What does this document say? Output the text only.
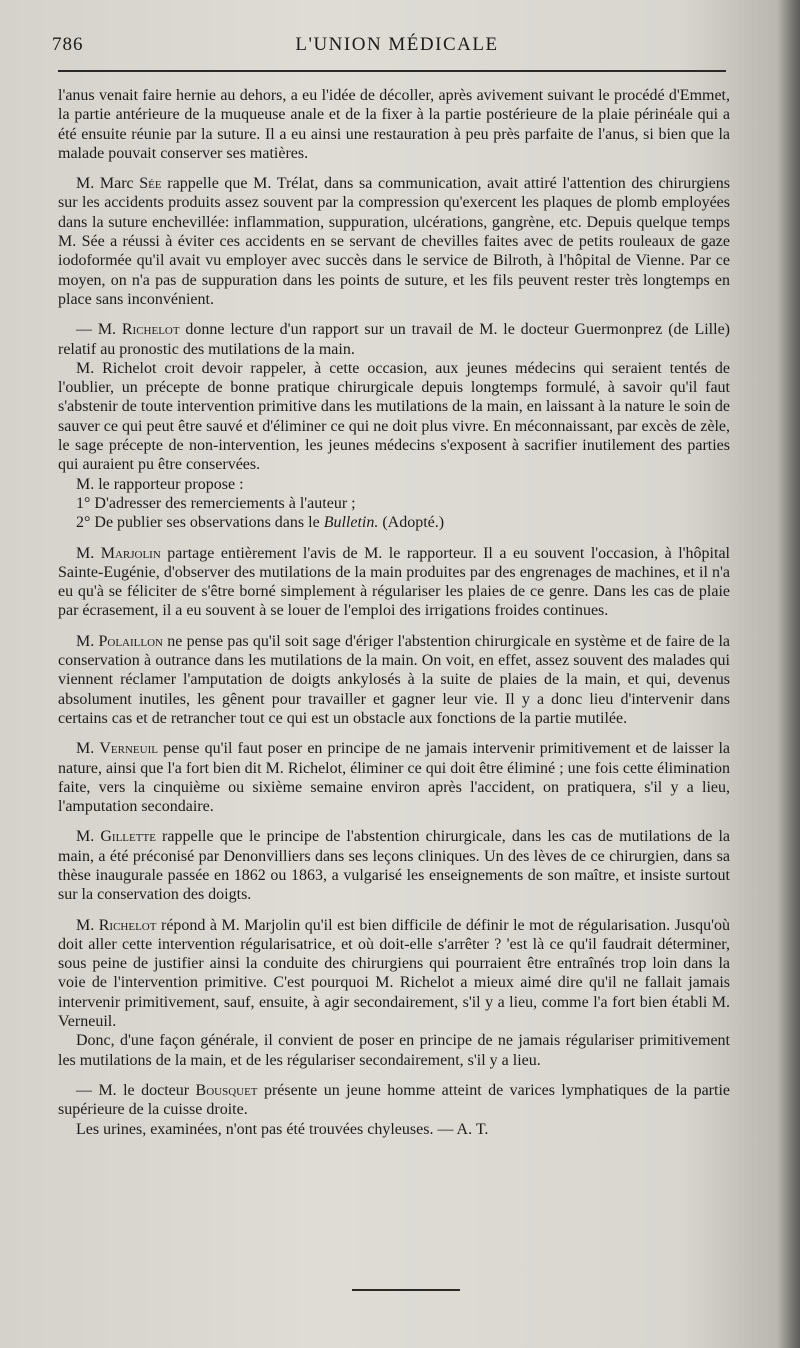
786	L'UNION MÉDICALE

l'anus venait faire hernie au dehors, a eu l'idée de décoller, après avivement suivant le procédé d'Emmet, la partie antérieure de la muqueuse anale et de la fixer à la partie postérieure de la plaie périnéale qui a été ensuite réunie par la suture. Il a eu ainsi une restauration à peu près parfaite de l'anus, si bien que la malade pouvait conserver ses matières.

M. Marc Sée rappelle que M. Trélat, dans sa communication, avait attiré l'attention des chirurgiens sur les accidents produits assez souvent par la compression qu'exercent les plaques de plomb employées dans la suture enchevillée: inflammation, suppuration, ulcérations, gangrène, etc. Depuis quelque temps M. Sée a réussi à éviter ces accidents en se servant de chevilles faites avec de petits rouleaux de gaze iodoformée qu'il avait vu employer avec succès dans le service de Bilroth, à l'hôpital de Vienne. Par ce moyen, on n'a pas de suppuration dans les points de suture, et les fils peuvent rester très longtemps en place sans inconvénient.

— M. Richelot donne lecture d'un rapport sur un travail de M. le docteur Guermonprez (de Lille) relatif au pronostic des mutilations de la main.

M. Richelot croit devoir rappeler, à cette occasion, aux jeunes médecins qui seraient tentés de l'oublier, un précepte de bonne pratique chirurgicale depuis longtemps formulé, à savoir qu'il faut s'abstenir de toute intervention primitive dans les mutilations de la main, en laissant à la nature le soin de sauver ce qui peut être sauvé et d'éliminer ce qui ne doit plus vivre. En méconnaissant, par excès de zèle, le sage précepte de non-intervention, les jeunes médecins s'exposent à sacrifier inutilement des parties qui auraient pu être conservées.

M. le rapporteur propose :

1° D'adresser des remerciements à l'auteur ;

2° De publier ses observations dans le Bulletin. (Adopté.)

M. Marjolin partage entièrement l'avis de M. le rapporteur. Il a eu souvent l'occasion, à l'hôpital Sainte-Eugénie, d'observer des mutilations de la main produites par des engrenages de machines, et il n'a eu qu'à se féliciter de s'être borné simplement à régulariser les plaies de ce genre. Dans les cas de plaie par écrasement, il a eu souvent à se louer de l'emploi des irrigations froides continues.

M. Polaillon ne pense pas qu'il soit sage d'ériger l'abstention chirurgicale en système et de faire de la conservation à outrance dans les mutilations de la main. On voit, en effet, assez souvent des malades qui viennent réclamer l'amputation de doigts ankylosés à la suite de plaies de la main, et qui, devenus absolument inutiles, les gênent pour travailler et gagner leur vie. Il y a donc lieu d'intervenir dans certains cas et de retrancher tout ce qui est un obstacle aux fonctions de la partie mutilée.

M. Verneuil pense qu'il faut poser en principe de ne jamais intervenir primitivement et de laisser la nature, ainsi que l'a fort bien dit M. Richelot, éliminer ce qui doit être éliminé ; une fois cette élimination faite, vers la cinquième ou sixième semaine environ après l'accident, on pratiquera, s'il y a lieu, l'amputation secondaire.

M. Gillette rappelle que le principe de l'abstention chirurgicale, dans les cas de mutilations de la main, a été préconisé par Denonvilliers dans ses leçons cliniques. Un des lèves de ce chirurgien, dans sa thèse inaugurale passée en 1862 ou 1863, a vulgarisé les enseignements de son maître, et insiste surtout sur la conservation des doigts.

M. Richelot répond à M. Marjolin qu'il est bien difficile de définir le mot de régularisation. Jusqu'où doit aller cette intervention régularisatrice, et où doit-elle s'arrêter ? 'est là ce qu'il faudrait déterminer, sous peine de justifier ainsi la conduite des chirurgiens qui pourraient être entraînés trop loin dans la voie de l'intervention primitive. C'est pourquoi M. Richelot a mieux aimé dire qu'il ne fallait jamais intervenir primitivement, sauf, ensuite, à agir secondairement, s'il y a lieu, comme l'a fort bien établi M. Verneuil.

Donc, d'une façon générale, il convient de poser en principe de ne jamais régulariser primitivement les mutilations de la main, et de les régulariser secondairement, s'il y a lieu.

— M. le docteur Bousquet présente un jeune homme atteint de varices lymphatiques de la partie supérieure de la cuisse droite.

Les urines, examinées, n'ont pas été trouvées chyleuses. — A. T.
